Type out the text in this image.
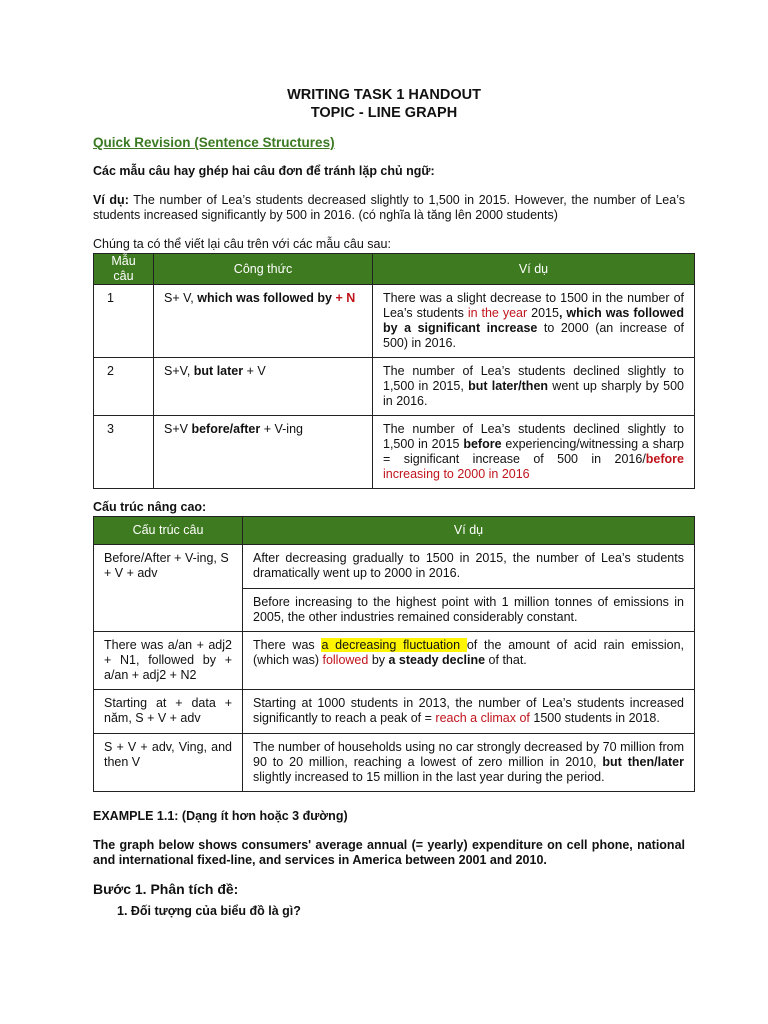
WRITING TASK 1 HANDOUT
TOPIC - LINE GRAPH
Quick Revision (Sentence Structures)
Các mẫu câu hay ghép hai câu đơn để tránh lặp chủ ngữ:
Ví dụ: The number of Lea’s students decreased slightly to 1,500 in 2015. However, the number of Lea’s students increased significantly by 500 in 2016. (có nghĩa là tăng lên 2000 students)
Chúng ta có thể viết lại câu trên với các mẫu câu sau:
Mẫu câu	Công thức	Ví dụ
1	S+ V, which was followed by + N	There was a slight decrease to 1500 in the number of Lea’s students in the year 2015, which was followed by a significant increase to 2000 (an increase of 500) in 2016.
2	S+V, but later + V	The number of Lea’s students declined slightly to 1,500 in 2015, but later/then went up sharply by 500 in 2016.
3	S+V before/after + V-ing	The number of Lea’s students declined slightly to 1,500 in 2015 before experiencing/witnessing a sharp = significant increase of 500 in 2016/before increasing to 2000 in 2016
Cấu trúc nâng cao:
Cấu trúc câu	Ví dụ
Before/After + V-ing, S + V + adv	After decreasing gradually to 1500 in 2015, the number of Lea’s students dramatically went up to 2000 in 2016.
	Before increasing to the highest point with 1 million tonnes of emissions in 2005, the other industries remained considerably constant.
There was a/an + adj2 + N1, followed by + a/an + adj2 + N2	There was a decreasing fluctuation of the amount of acid rain emission, (which was) followed by a steady decline of that.
Starting at + data + năm, S + V + adv	Starting at 1000 students in 2013, the number of Lea’s students increased significantly to reach a peak of = reach a climax of 1500 students in 2018.
S + V + adv, Ving, and then V	The number of households using no car strongly decreased by 70 million from 90 to 20 million, reaching a lowest of zero million in 2010, but then/later slightly increased to 15 million in the last year during the period.
EXAMPLE 1.1: (Dạng ít hơn hoặc 3 đường)
The graph below shows consumers' average annual (= yearly) expenditure on cell phone, national and international fixed-line, and services in America between 2001 and 2010.
Bước 1. Phân tích đề:
1. Đối tượng của biểu đồ là gì?
